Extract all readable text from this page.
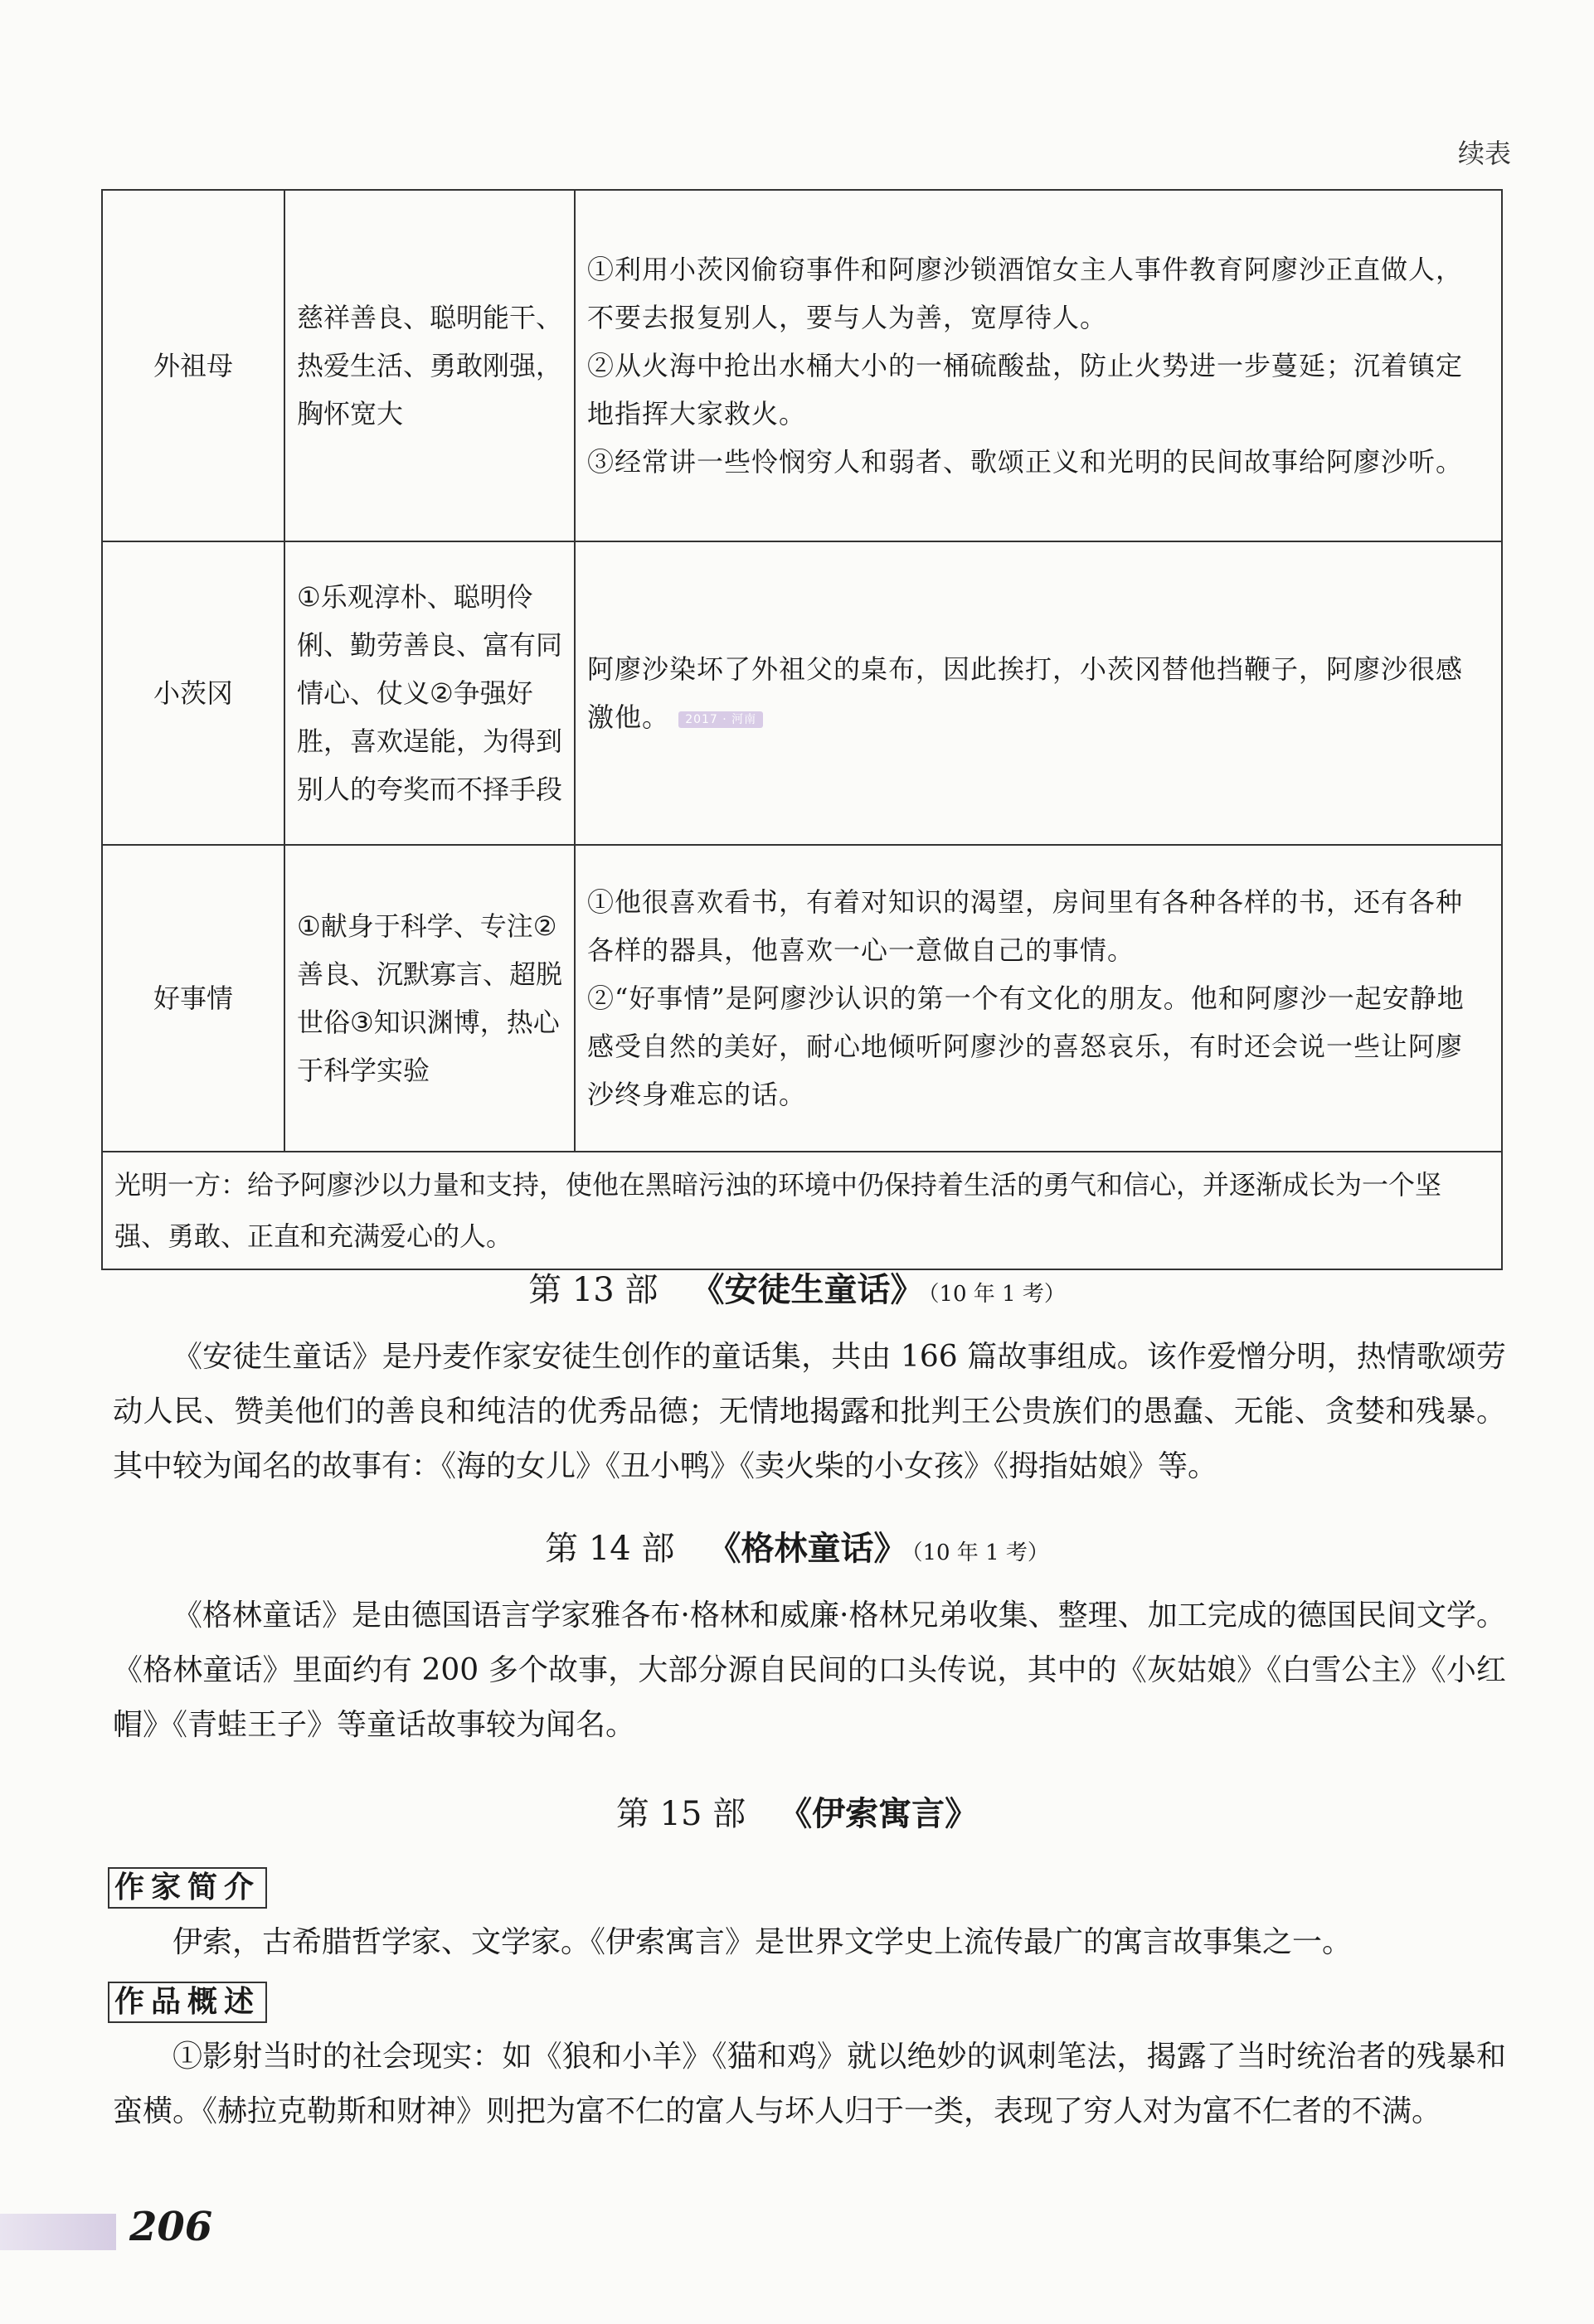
续表
外祖母	慈祥善良、聪明能干、热爱生活、勇敢刚强，胸怀宽大	①利用小茨冈偷窃事件和阿廖沙锁酒馆女主人事件教育阿廖沙正直做人，不要去报复别人，要与人为善，宽厚待人。
②从火海中抢出水桶大小的一桶硫酸盐，防止火势进一步蔓延；沉着镇定地指挥大家救火。
③经常讲一些怜悯穷人和弱者、歌颂正义和光明的民间故事给阿廖沙听。

小茨冈	①乐观淳朴、聪明伶俐、勤劳善良、富有同情心、仗义②争强好胜，喜欢逞能，为得到别人的夸奖而不择手段	阿廖沙染坏了外祖父的桌布，因此挨打，小茨冈替他挡鞭子，阿廖沙很感激他。 2017 · 河南
好事情	①献身于科学、专注②善良、沉默寡言、超脱世俗③知识渊博，热心于科学实验	①他很喜欢看书，有着对知识的渴望，房间里有各种各样的书，还有各种各样的器具，他喜欢一心一意做自己的事情。
②“好事情”是阿廖沙认识的第一个有文化的朋友。他和阿廖沙一起安静地感受自然的美好，耐心地倾听阿廖沙的喜怒哀乐，有时还会说一些让阿廖沙终身难忘的话。

光明一方：给予阿廖沙以力量和支持，使他在黑暗污浊的环境中仍保持着生活的勇气和信心，并逐渐成长为一个坚强、勇敢、正直和充满爱心的人。		
第 13 部 《安徒生童话》 （10 年 1 考）
《安徒生童话》是丹麦作家安徒生创作的童话集，共由 166 篇故事组成。该作爱憎分明，热情歌颂劳动人民、赞美他们的善良和纯洁的优秀品德；无情地揭露和批判王公贵族们的愚蠢、无能、贪婪和残暴。其中较为闻名的故事有：《海的女儿》《丑小鸭》《卖火柴的小女孩》《拇指姑娘》等。
第 14 部 《格林童话》 （10 年 1 考）
《格林童话》是由德国语言学家雅各布·格林和威廉·格林兄弟收集、整理、加工完成的德国民间文学。《格林童话》里面约有 200 多个故事，大部分源自民间的口头传说，其中的《灰姑娘》《白雪公主》《小红帽》《青蛙王子》等童话故事较为闻名。
第 15 部 《伊索寓言》
作家简介
伊索，古希腊哲学家、文学家。《伊索寓言》是世界文学史上流传最广的寓言故事集之一。
作品概述
①影射当时的社会现实：如《狼和小羊》《猫和鸡》就以绝妙的讽刺笔法，揭露了当时统治者的残暴和蛮横。《赫拉克勒斯和财神》则把为富不仁的富人与坏人归于一类，表现了穷人对为富不仁者的不满。
206
